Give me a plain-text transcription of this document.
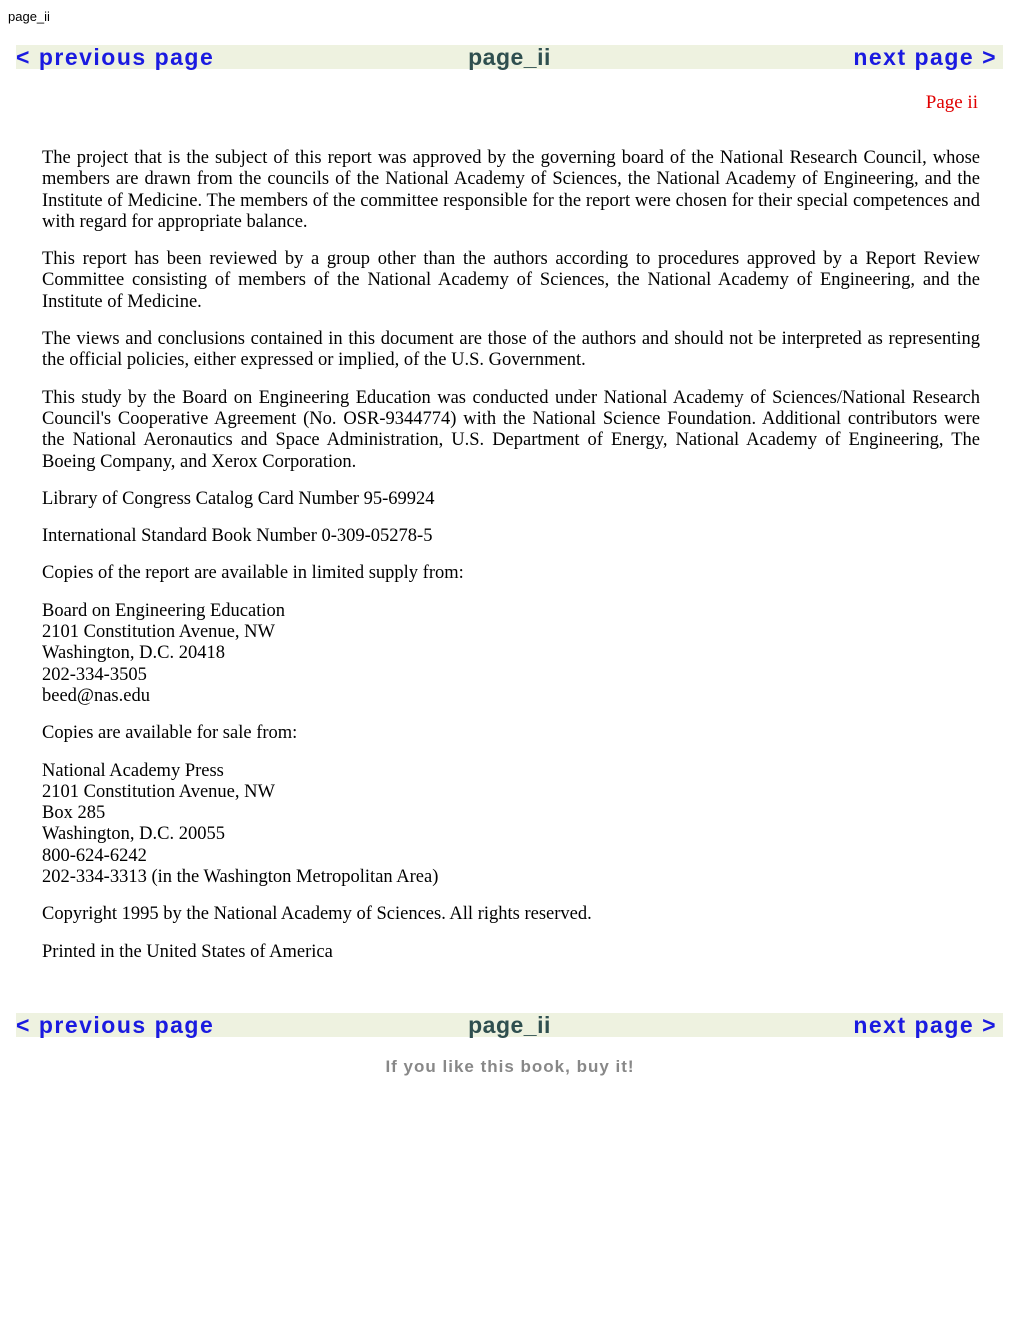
page_ii
< previous page	page_ii	next page >
Page ii

The project that is the subject of this report was approved by the governing board of the National Research Council, whose members are drawn from the councils of the National Academy of Sciences, the National Academy of Engineering, and the Institute of Medicine. The members of the committee responsible for the report were chosen for their special competences and with regard for appropriate balance.

This report has been reviewed by a group other than the authors according to procedures approved by a Report Review Committee consisting of members of the National Academy of Sciences, the National Academy of Engineering, and the Institute of Medicine.

The views and conclusions contained in this document are those of the authors and should not be interpreted as representing the official policies, either expressed or implied, of the U.S. Government.

This study by the Board on Engineering Education was conducted under National Academy of Sciences/National Research Council's Cooperative Agreement (No. OSR-9344774) with the National Science Foundation. Additional contributors were the National Aeronautics and Space Administration, U.S. Department of Energy, National Academy of Engineering, The Boeing Company, and Xerox Corporation.

Library of Congress Catalog Card Number 95-69924

International Standard Book Number 0-309-05278-5

Copies of the report are available in limited supply from:

Board on Engineering Education
2101 Constitution Avenue, NW
Washington, D.C. 20418
202-334-3505
beed@nas.edu

Copies are available for sale from:

National Academy Press
2101 Constitution Avenue, NW
Box 285
Washington, D.C. 20055
800-624-6242
202-334-3313 (in the Washington Metropolitan Area)

Copyright 1995 by the National Academy of Sciences. All rights reserved.

Printed in the United States of America

< previous page	page_ii	next page >
If you like this book, buy it!
